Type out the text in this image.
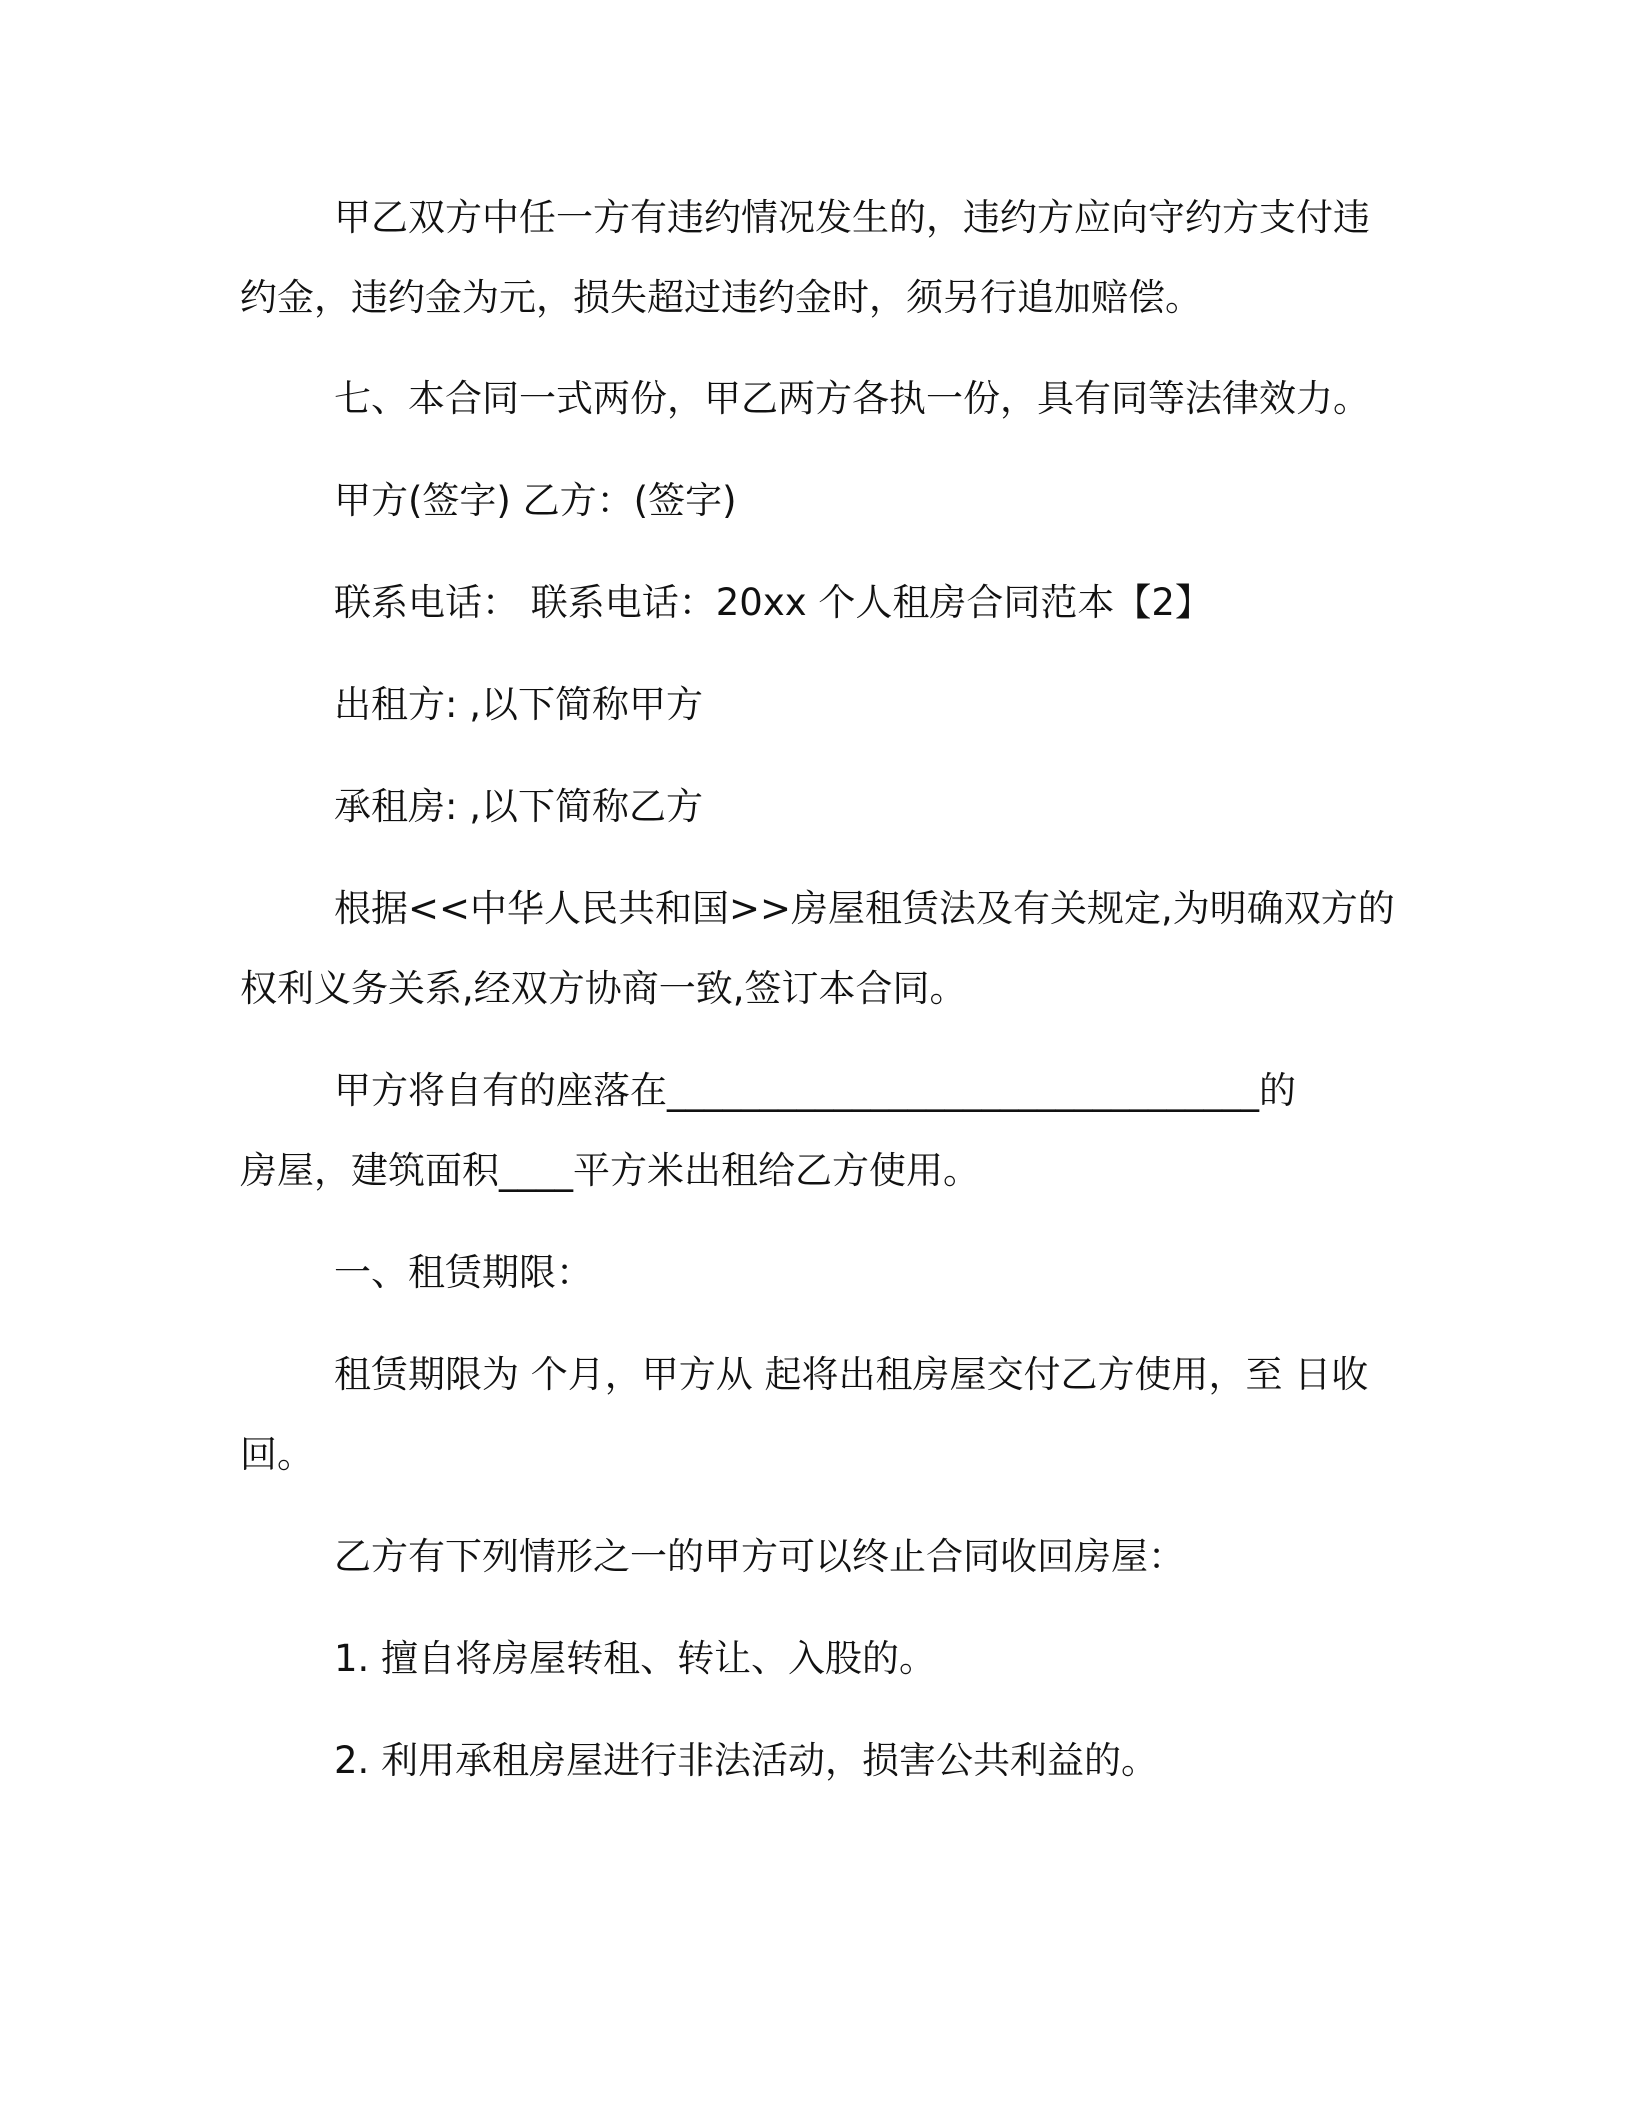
甲乙双方中任一方有违约情况发生的，违约方应向守约方支付违
约金，违约金为元，损失超过违约金时，须另行追加赔偿。
七、本合同一式两份，甲乙两方各执一份，具有同等法律效力。
甲方(签字) 乙方：(签字)
联系电话： 联系电话：20xx 个人租房合同范本【2】
出租方: ,以下简称甲方
承租房: ,以下简称乙方
根据<<中华人民共和国>>房屋租赁法及有关规定,为明确双方的
权利义务关系,经双方协商一致,签订本合同。
甲方将自有的座落在________________________________的
房屋，建筑面积____平方米出租给乙方使用。
一、租赁期限：
租赁期限为 个月，甲方从 起将出租房屋交付乙方使用，至 日收
回。
乙方有下列情形之一的甲方可以终止合同收回房屋：
1. 擅自将房屋转租、转让、入股的。
2. 利用承租房屋进行非法活动，损害公共利益的。
